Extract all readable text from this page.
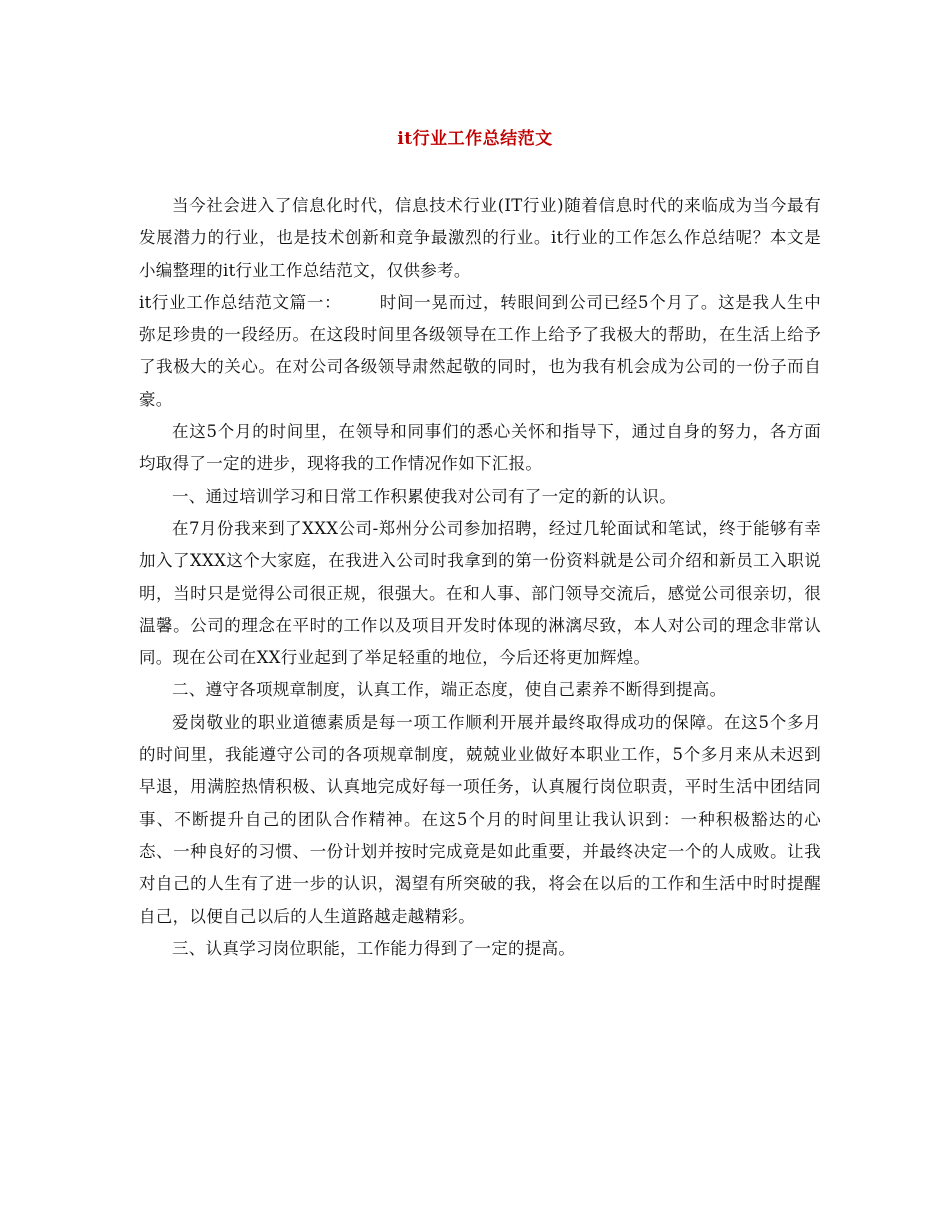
it行业工作总结范文

当今社会进入了信息化时代，信息技术行业(IT行业)随着信息时代的来临成为当今最有发展潜力的行业，也是技术创新和竞争最激烈的行业。it行业的工作怎么作总结呢？本文是小编整理的it行业工作总结范文，仅供参考。

it行业工作总结范文篇一： 时间一晃而过，转眼间到公司已经5个月了。这是我人生中弥足珍贵的一段经历。在这段时间里各级领导在工作上给予了我极大的帮助，在生活上给予了我极大的关心。在对公司各级领导肃然起敬的同时，也为我有机会成为公司的一份子而自豪。

在这5个月的时间里，在领导和同事们的悉心关怀和指导下，通过自身的努力，各方面均取得了一定的进步，现将我的工作情况作如下汇报。

一、通过培训学习和日常工作积累使我对公司有了一定的新的认识。

在7月份我来到了XXX公司-郑州分公司参加招聘，经过几轮面试和笔试，终于能够有幸加入了XXX这个大家庭，在我进入公司时我拿到的第一份资料就是公司介绍和新员工入职说明，当时只是觉得公司很正规，很强大。在和人事、部门领导交流后，感觉公司很亲切，很温馨。公司的理念在平时的工作以及项目开发时体现的淋漓尽致，本人对公司的理念非常认同。现在公司在XX行业起到了举足轻重的地位，今后还将更加辉煌。

二、遵守各项规章制度，认真工作，端正态度，使自己素养不断得到提高。

爱岗敬业的职业道德素质是每一项工作顺利开展并最终取得成功的保障。在这5个多月的时间里，我能遵守公司的各项规章制度，兢兢业业做好本职业工作，5个多月来从未迟到早退，用满腔热情积极、认真地完成好每一项任务，认真履行岗位职责，平时生活中团结同事、不断提升自己的团队合作精神。在这5个月的时间里让我认识到：一种积极豁达的心态、一种良好的习惯、一份计划并按时完成竟是如此重要，并最终决定一个的人成败。让我对自己的人生有了进一步的认识，渴望有所突破的我，将会在以后的工作和生活中时时提醒自己，以便自己以后的人生道路越走越精彩。

三、认真学习岗位职能，工作能力得到了一定的提高。
